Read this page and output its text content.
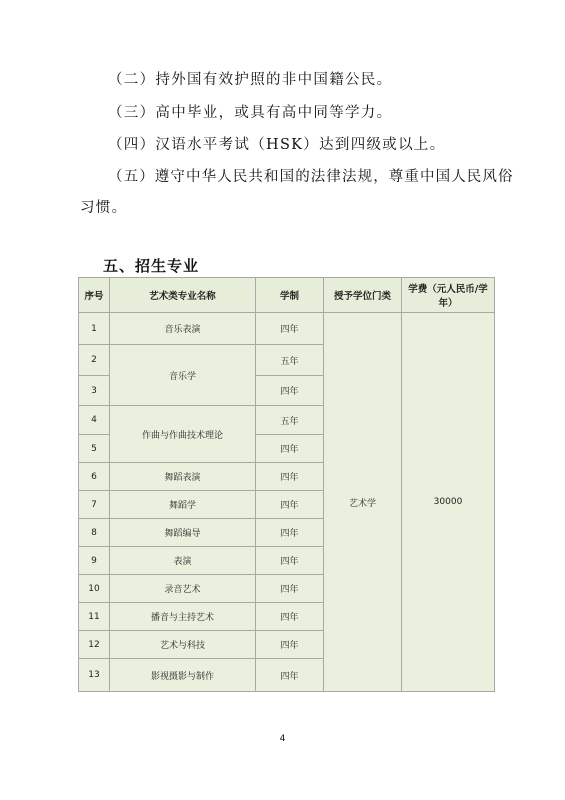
（二）持外国有效护照的非中国籍公民。
（三）高中毕业，或具有高中同等学力。
（四）汉语水平考试（HSK）达到四级或以上。
（五）遵守中华人民共和国的法律法规，尊重中国人民风俗
习惯。
五、招生专业
序号	艺术类专业名称	学制	授予学位门类	学费（元人民币/学年）
1	音乐表演	四年	艺术学	30000
2	音乐学	五年		
3		四年		
4	作曲与作曲技术理论	五年		
5		四年		
6	舞蹈表演	四年		
7	舞蹈学	四年		
8	舞蹈编导	四年		
9	表演	四年		
10	录音艺术	四年		
11	播音与主持艺术	四年		
12	艺术与科技	四年		
13	影视摄影与制作	四年		
4
